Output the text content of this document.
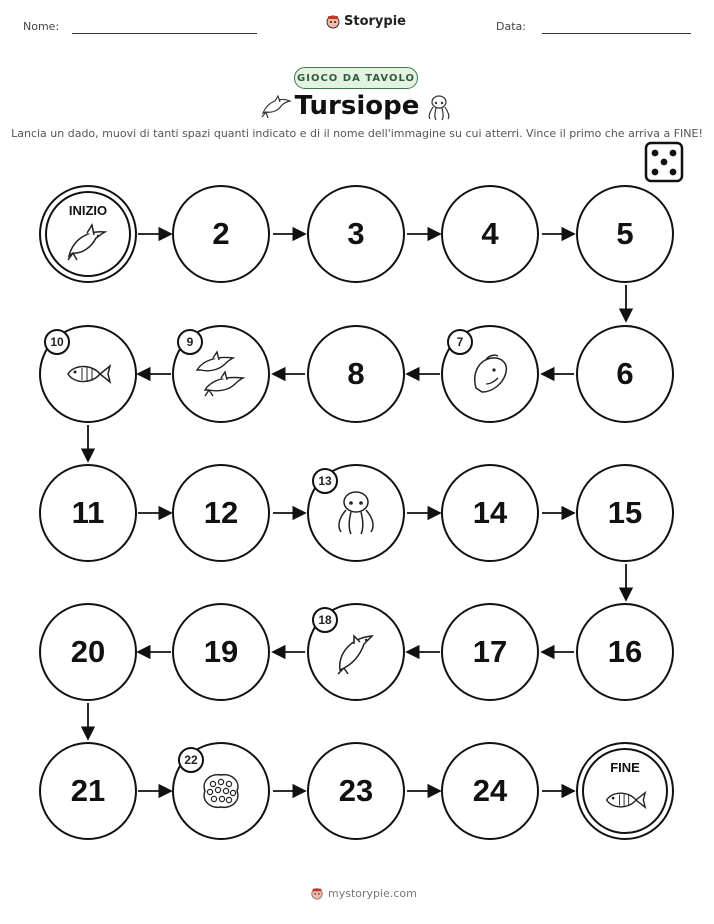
Nome:	Storypie	Data:
GIOCO DA TAVOLO
Tursiope
Lancia un dado, muovi di tanti spazi quanti indicato e di il nome dell'immagine su cui atterri. Vince il primo che arriva a FINE!
INIZIO
2	3	4	5
10	9
8
7
6
11	12
13
14	15
20	19
18
17	16
21
22
23	24
FINE
mystorypie.com
